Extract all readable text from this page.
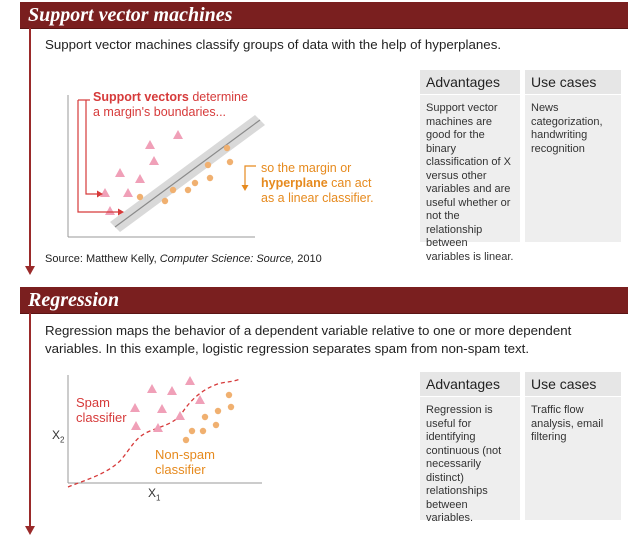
Support vector machines
Support vector machines classify groups of data with the help of hyperplanes.
Support vectors determine
a margin's boundaries...
so the margin or
hyperplane can act
as a linear classifier.
Advantages
Support vector machines are good for the binary classification of X versus other variables and are useful whether or not the relationship between variables is linear.
Use cases
News categorization, handwriting recognition
Source: Matthew Kelly, Computer Science: Source, 2010
Regression
Regression maps the behavior of a dependent variable relative to one or more dependent
variables. In this example, logistic regression separates spam from non-spam text.
Spam
classifier
Non-spam
classifier
$X_2$
$X_1$
Advantages
Regression is useful for identifying continuous (not necessarily distinct) relationships between variables.
Use cases
Traffic flow analysis, email filtering
